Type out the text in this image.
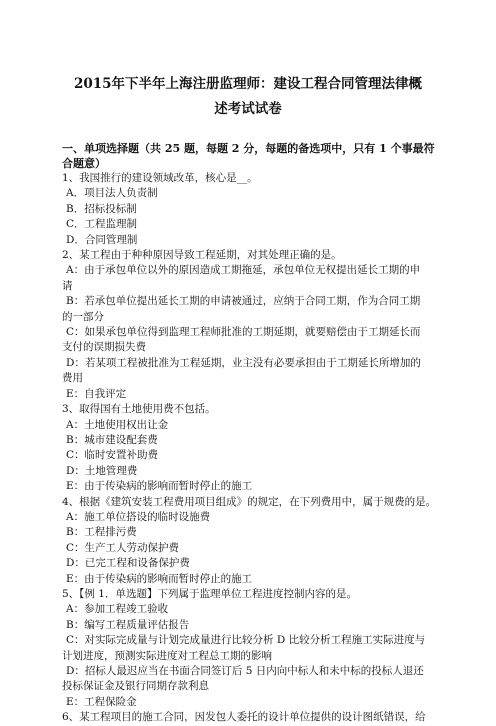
2015年下半年上海注册监理师：建设工程合同管理法律概
述考试试卷
一、单项选择题（共 25 题，每题 2 分，每题的备选项中，只有 1 个事最符合题意）

1、我国推行的建设领域改革，核心是__。

A．项目法人负责制

B．招标投标制

C．工程监理制

D．合同管理制

2、某工程由于种种原因导致工程延期，对其处理正确的是。

A：由于承包单位以外的原因造成工期拖延，承包单位无权提出延长工期的申

请

B：若承包单位提出延长工期的申请被通过，应纳于合同工期，作为合同工期

的一部分

C：如果承包单位得到监理工程师批准的工期延期，就要赔偿由于工期延长而

支付的误期损失费

D：若某项工程被批准为工程延期，业主没有必要承担由于工期延长所增加的

费用

E：自我评定

3、取得国有土地使用费不包括。

A：土地使用权出让金

B：城市建设配套费

C：临时安置补助费

D：土地管理费

E：由于传染病的影响而暂时停止的施工

4、根据《建筑安装工程费用项目组成》的规定，在下列费用中，属于规费的是。

A：施工单位搭设的临时设施费

B：工程排污费

C：生产工人劳动保护费

D：已完工程和设备保护费

E：由于传染病的影响而暂时停止的施工

5、【例 1．单选题】下列属于监理单位工程进度控制内容的是。

A：参加工程竣工验收

B：编写工程质量评估报告

C：对实际完成量与计划完成量进行比较分析 D 比较分析工程施工实际进度与

计划进度，预测实际进度对工程总工期的影响

D：招标人最迟应当在书面合同签订后 5 日内向中标人和未中标的投标人退还

投标保证金及银行同期存款利息

E：工程保险金

6、某工程项目的施工合同，因发包人委托的设计单位提供的设计图纸错误，给
